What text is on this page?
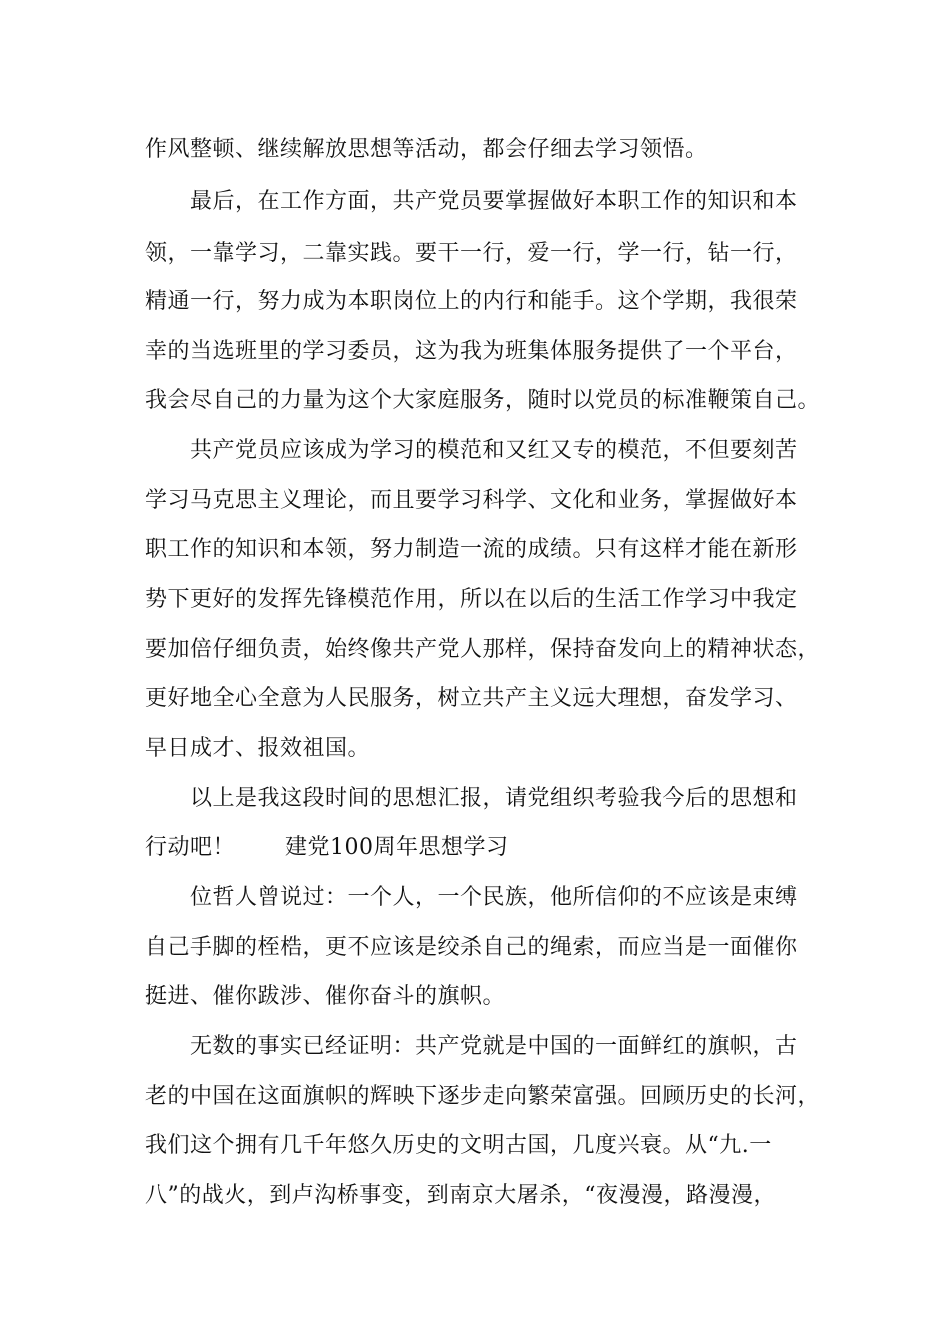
作风整顿、继续解放思想等活动，都会仔细去学习领悟。
最后，在工作方面，共产党员要掌握做好本职工作的知识和本
领，一靠学习，二靠实践。要干一行，爱一行，学一行，钻一行，
精通一行，努力成为本职岗位上的内行和能手。这个学期，我很荣
幸的当选班里的学习委员，这为我为班集体服务提供了一个平台，
我会尽自己的力量为这个大家庭服务，随时以党员的标准鞭策自己。
共产党员应该成为学习的模范和又红又专的模范，不但要刻苦
学习马克思主义理论，而且要学习科学、文化和业务，掌握做好本
职工作的知识和本领，努力制造一流的成绩。只有这样才能在新形
势下更好的发挥先锋模范作用，所以在以后的生活工作学习中我定
要加倍仔细负责，始终像共产党人那样，保持奋发向上的精神状态，
更好地全心全意为人民服务，树立共产主义远大理想，奋发学习、
早日成才、报效祖国。
以上是我这段时间的思想汇报，请党组织考验我今后的思想和
行动吧！ 建党100周年思想学习
位哲人曾说过：一个人，一个民族，他所信仰的不应该是束缚
自己手脚的桎梏，更不应该是绞杀自己的绳索，而应当是一面催你
挺进、催你跋涉、催你奋斗的旗帜。
无数的事实已经证明：共产党就是中国的一面鲜红的旗帜，古
老的中国在这面旗帜的辉映下逐步走向繁荣富强。回顾历史的长河，
我们这个拥有几千年悠久历史的文明古国，几度兴衰。从“九.一
八”的战火，到卢沟桥事变，到南京大屠杀，“夜漫漫，路漫漫，
